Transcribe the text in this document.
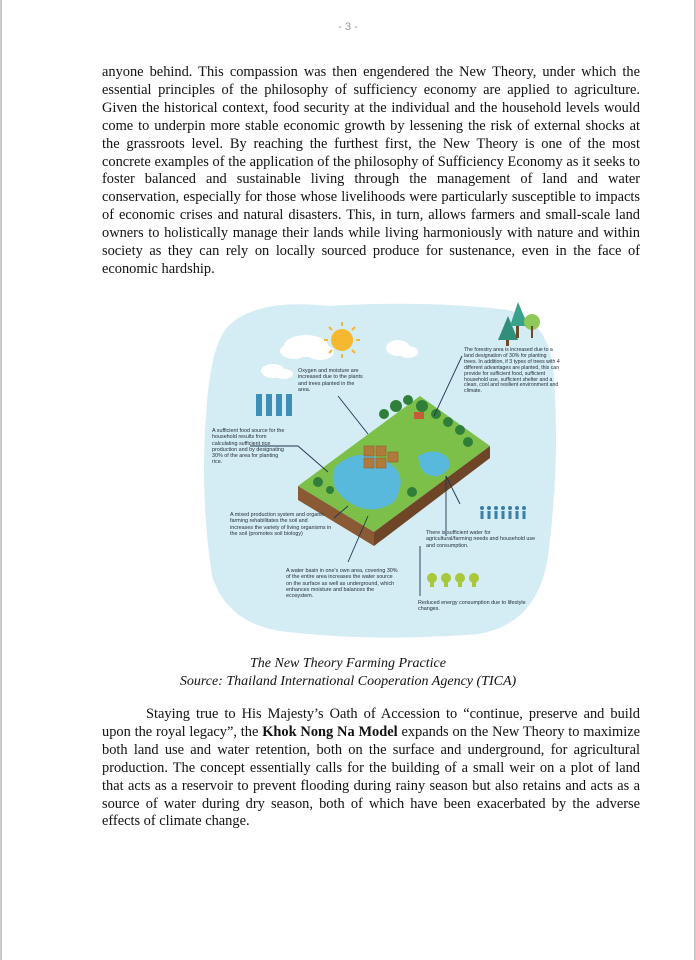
- 3 -

anyone behind. This compassion was then engendered the New Theory, under which the essential principles of the philosophy of sufficiency economy are applied to agriculture. Given the historical context, food security at the individual and the household levels would come to underpin more stable economic growth by lessening the risk of external shocks at the grassroots level. By reaching the furthest first, the New Theory is one of the most concrete examples of the application of the philosophy of Sufficiency Economy as it seeks to foster balanced and sustainable living through the management of land and water conservation, especially for those whose livelihoods were particularly susceptible to impacts of economic crises and natural disasters. This, in turn, allows farmers and small-scale land owners to holistically manage their lands while living harmoniously with nature and within society as they can rely on locally sourced produce for sustenance, even in the face of economic hardship.

Oxygen and moisture are increased due to the plants and trees planted in the area.

The forestry area is increased due to a land designation of 30% for planting trees. In addition, if 3 types of trees with 4 different advantages are planted, this can provide for sufficient food, sufficient household use, sufficient shelter and a clean, cool and resilient environment and climate.

A sufficient food source for the household results from calculating sufficient rice production and by designating 30% of the area for planting rice.

A mixed production system and organic farming rehabilitates the soil and increases the variety of living organisms in the soil (promotes soil biology)	There is sufficient water for agricultural/farming needs and household use and consumption.

A water basin in one's own area, covering 30% of the entire area increases the water source on the surface as well as underground, which enhances moisture and balances the ecosystem.

Reduced energy consumption due to lifestyle changes.

The New Theory Farming Practice

Source: Thailand International Cooperation Agency (TICA)

Staying true to His Majesty’s Oath of Accession to “continue, preserve and build upon the royal legacy”, the Khok Nong Na Model expands on the New Theory to maximize both land use and water retention, both on the surface and underground, for agricultural production. The concept essentially calls for the building of a small weir on a plot of land that acts as a reservoir to prevent flooding during rainy season but also retains and acts as a source of water during dry season, both of which have been exacerbated by the adverse effects of climate change.
